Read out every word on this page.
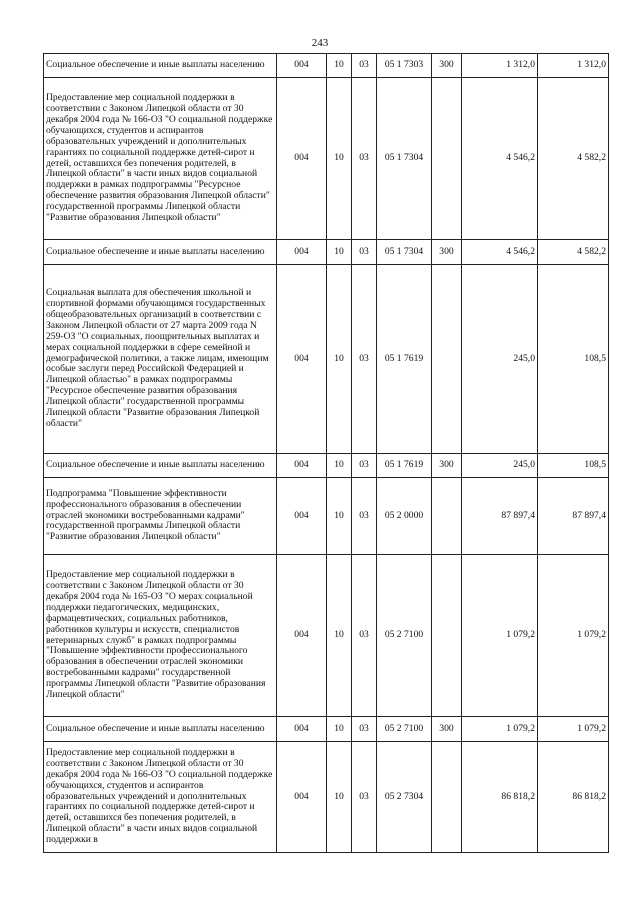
243
Социальное обеспечение и иные выплаты населению	004	10	03	05 1 7303	300	1 312,0	1 312,0
Предоставление мер социальной поддержки в соответствии с Законом Липецкой области от 30 декабря 2004 года № 166-ОЗ "О социальной поддержке обучающихся, студентов и аспирантов образовательных учреждений и дополнительных гарантиях по социальной поддержке детей-сирот и детей, оставшихся без попечения родителей, в Липецкой области" в части иных видов социальной поддержки в рамках подпрограммы "Ресурсное обеспечение развития образования Липецкой области" государственной программы Липецкой области "Развитие образования Липецкой области"	004	10	03	05 1 7304		4 546,2	4 582,2
Социальное обеспечение и иные выплаты населению	004	10	03	05 1 7304	300	4 546,2	4 582,2
Социальная выплата для обеспечения школьной и спортивной формами обучающимся государственных общеобразовательных организаций в соответствии с Законом Липецкой области от 27 марта 2009 года N 259-ОЗ "О социальных, поощрительных выплатах и мерах социальной поддержки в сфере семейной и демографической политики, а также лицам, имеющим особые заслуги перед Российской Федерацией и Липецкой областью" в рамках подпрограммы "Ресурсное обеспечение развития образования Липецкой области" государственной программы Липецкой области "Развитие образования Липецкой области"	004	10	03	05 1 7619		245,0	108,5
Социальное обеспечение и иные выплаты населению	004	10	03	05 1 7619	300	245,0	108,5
Подпрограмма "Повышение эффективности профессионального образования в обеспечении отраслей экономики востребованными кадрами" государственной программы Липецкой области "Развитие образования Липецкой области"	004	10	03	05 2 0000		87 897,4	87 897,4
Предоставление мер социальной поддержки в соответствии с Законом Липецкой области от 30 декабря 2004 года № 165-ОЗ "О мерах социальной поддержки педагогических, медицинских, фармацевтических, социальных работников, работников культуры и искусств, специалистов ветеринарных служб" в рамках подпрограммы "Повышение эффективности профессионального образования в обеспечении отраслей экономики востребованными кадрами" государственной программы Липецкой области "Развитие образования Липецкой области"	004	10	03	05 2 7100		1 079,2	1 079,2
Социальное обеспечение и иные выплаты населению	004	10	03	05 2 7100	300	1 079,2	1 079,2
Предоставление мер социальной поддержки в соответствии с Законом Липецкой области от 30 декабря 2004 года № 166-ОЗ "О социальной поддержке обучающихся, студентов и аспирантов образовательных учреждений и дополнительных гарантиях по социальной поддержке детей-сирот и детей, оставшихся без попечения родителей, в Липецкой области" в части иных видов социальной поддержки в	004	10	03	05 2 7304		86 818,2	86 818,2
